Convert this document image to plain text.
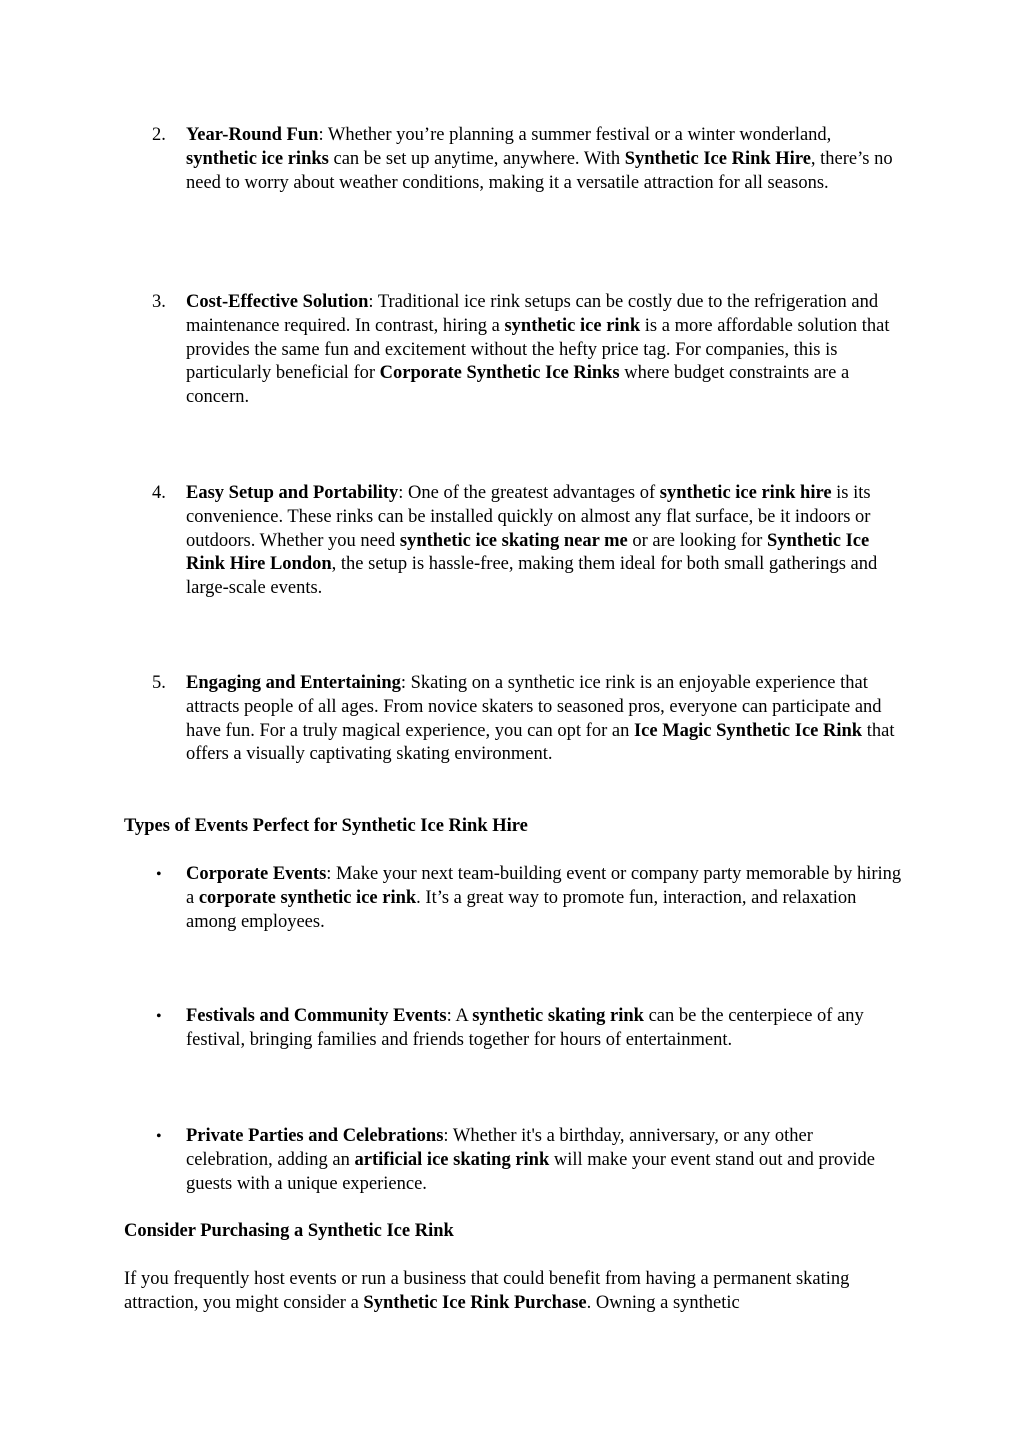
2.	Year-Round Fun: Whether you’re planning a summer festival or a winter wonderland, synthetic ice rinks can be set up anytime, anywhere. With Synthetic Ice Rink Hire, there’s no need to worry about weather conditions, making it a versatile attraction for all seasons.
3.	Cost-Effective Solution: Traditional ice rink setups can be costly due to the refrigeration and maintenance required. In contrast, hiring a synthetic ice rink is a more affordable solution that provides the same fun and excitement without the hefty price tag. For companies, this is particularly beneficial for Corporate Synthetic Ice Rinks where budget constraints are a concern.
4.	Easy Setup and Portability: One of the greatest advantages of synthetic ice rink hire is its convenience. These rinks can be installed quickly on almost any flat surface, be it indoors or outdoors. Whether you need synthetic ice skating near me or are looking for Synthetic Ice Rink Hire London, the setup is hassle-free, making them ideal for both small gatherings and large-scale events.
5.	Engaging and Entertaining: Skating on a synthetic ice rink is an enjoyable experience that attracts people of all ages. From novice skaters to seasoned pros, everyone can participate and have fun. For a truly magical experience, you can opt for an Ice Magic Synthetic Ice Rink that offers a visually captivating skating environment.
Types of Events Perfect for Synthetic Ice Rink Hire
• Corporate Events: Make your next team-building event or company party memorable by hiring a corporate synthetic ice rink. It’s a great way to promote fun, interaction, and relaxation among employees.
• Festivals and Community Events: A synthetic skating rink can be the centerpiece of any festival, bringing families and friends together for hours of entertainment.
• Private Parties and Celebrations: Whether it's a birthday, anniversary, or any other celebration, adding an artificial ice skating rink will make your event stand out and provide guests with a unique experience.
Consider Purchasing a Synthetic Ice Rink
If you frequently host events or run a business that could benefit from having a permanent skating attraction, you might consider a Synthetic Ice Rink Purchase. Owning a synthetic
